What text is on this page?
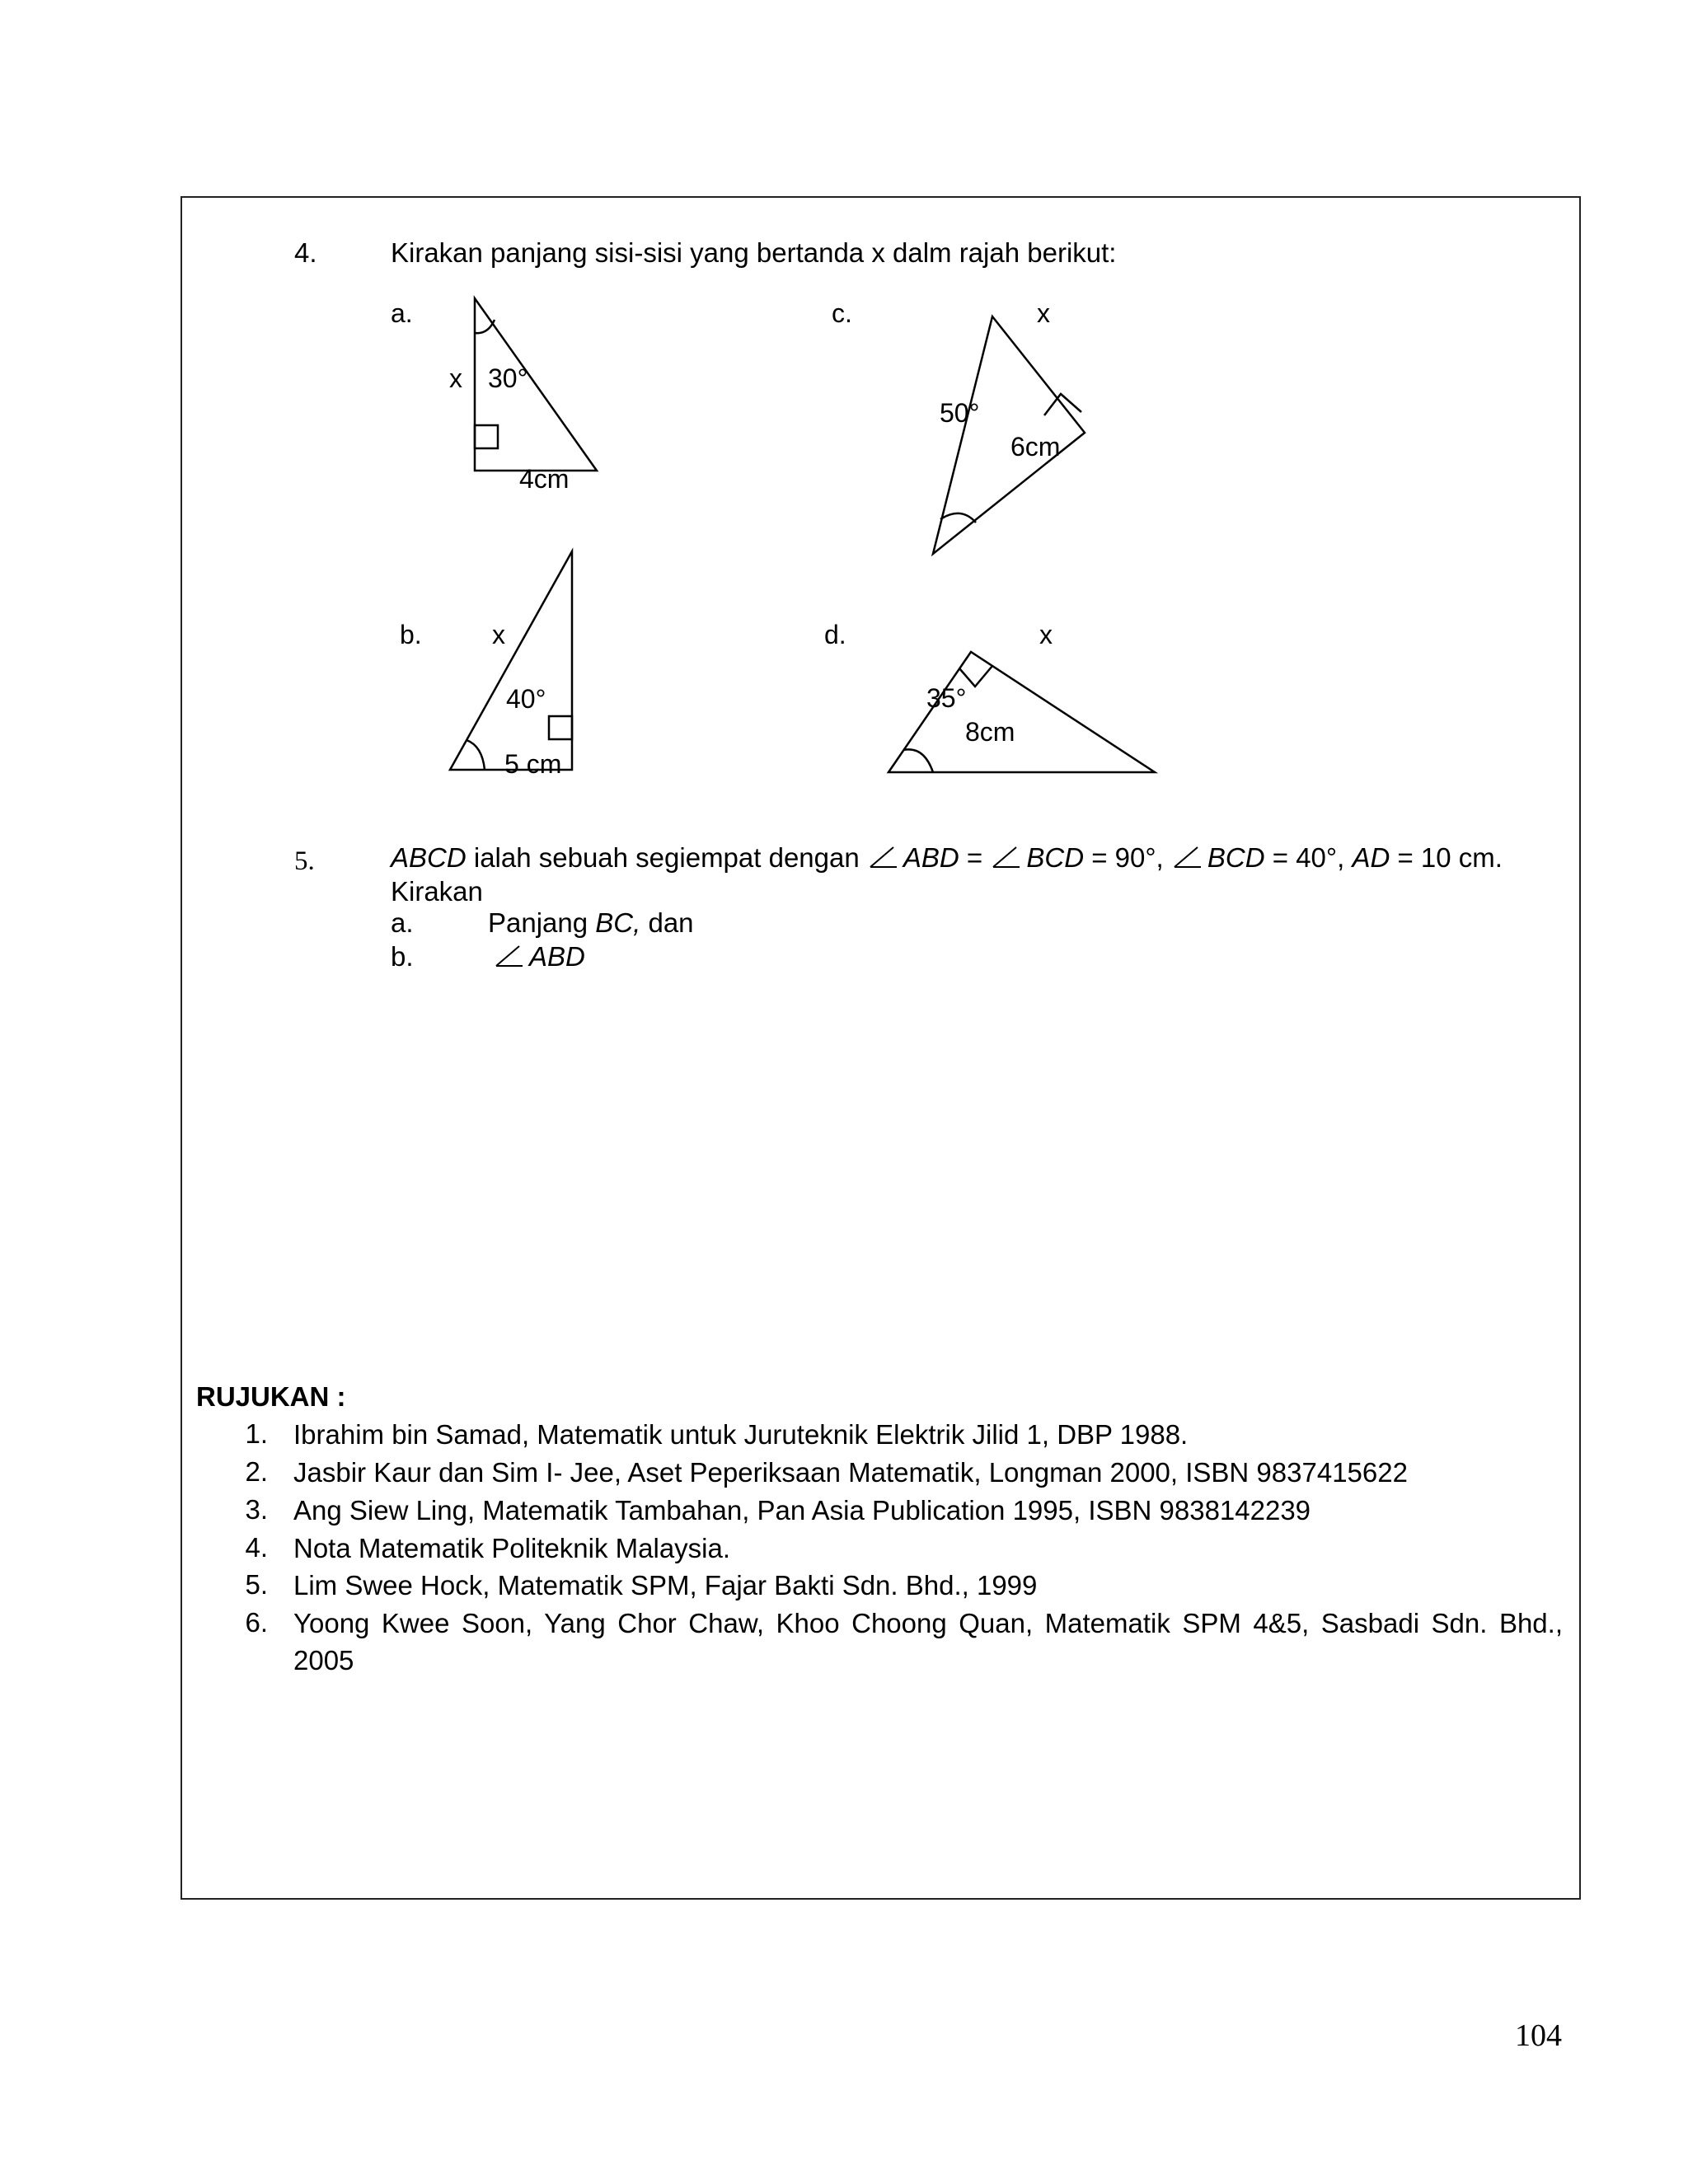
4.	Kirakan panjang sisi-sisi yang bertanda x dalm rajah berikut:
a.
x 30°
4cm
c.	x
50°
6cm
b.	x
40°
5 cm
d.	x
35°
8cm
5.	ABCD ialah sebuah segiempat dengan ABD = BCD = 90°, BCD = 40°, AD = 10 cm.
Kirakan
a.	Panjang BC, dan
b.	ABD
RUJUKAN :
1. Ibrahim bin Samad, Matematik untuk Juruteknik Elektrik Jilid 1, DBP 1988.
2. Jasbir Kaur dan Sim I- Jee, Aset Peperiksaan Matematik, Longman 2000, ISBN 9837415622
3. Ang Siew Ling, Matematik Tambahan, Pan Asia Publication 1995, ISBN 9838142239
4. Nota Matematik Politeknik Malaysia.
5. Lim Swee Hock, Matematik SPM, Fajar Bakti Sdn. Bhd., 1999
6. Yoong Kwee Soon, Yang Chor Chaw, Khoo Choong Quan, Matematik SPM 4&5, Sasbadi Sdn. Bhd., 2005
104
